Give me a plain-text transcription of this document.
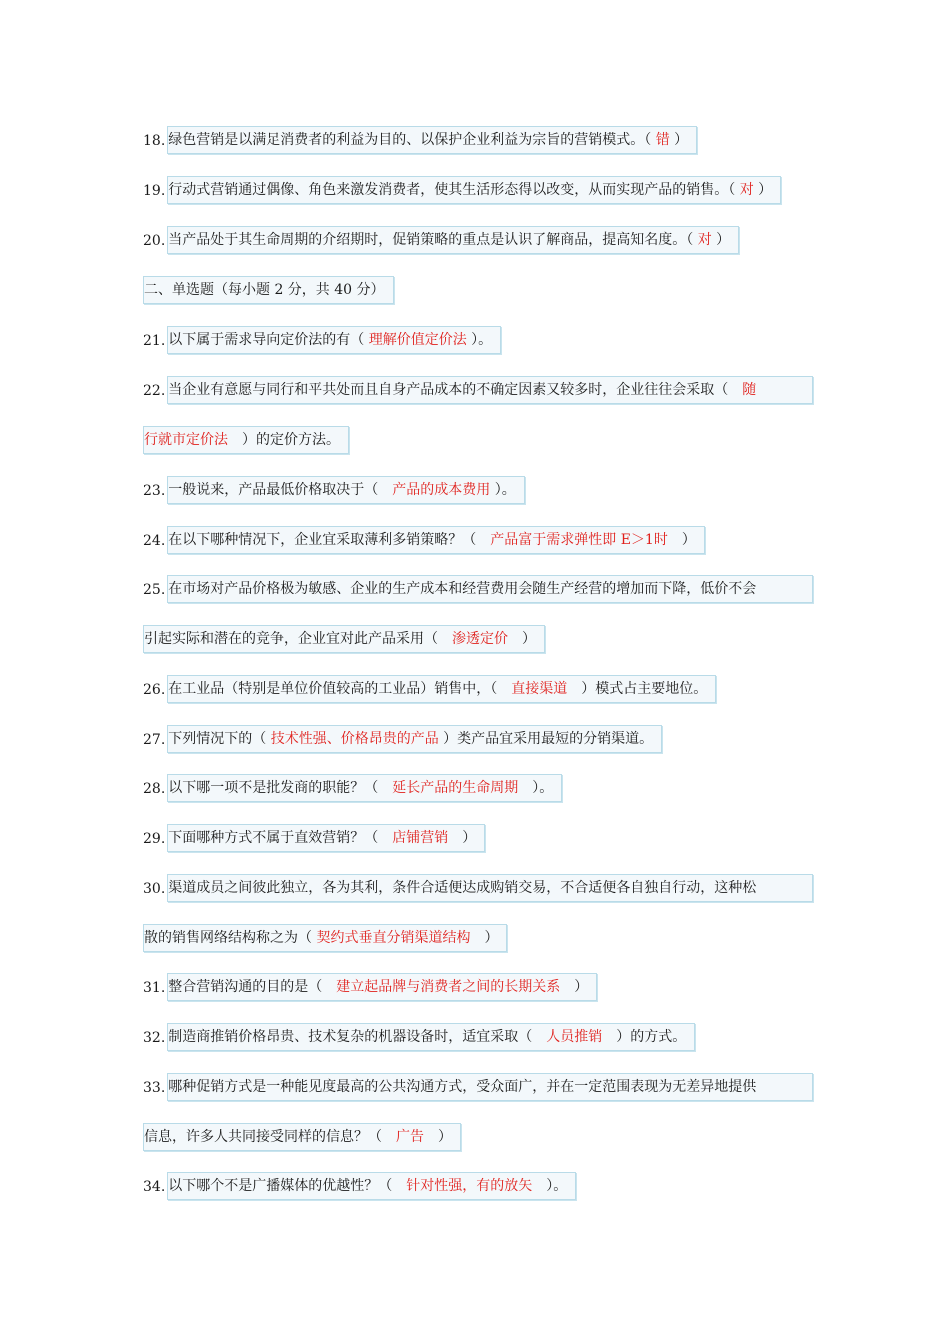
18. 绿色营销是以满足消费者的利益为目的、以保护企业利益为宗旨的营销模式。（ 错 ）
19. 行动式营销通过偶像、角色来激发消费者，使其生活形态得以改变，从而实现产品的销售。（ 对 ）
20. 当产品处于其生命周期的介绍期时，促销策略的重点是认识了解商品，提高知名度。（ 对 ）
二、单选题（每小题 2 分，共 40 分）
21. 以下属于需求导向定价法的有（ 理解价值定价法 ）。
22. 当企业有意愿与同行和平共处而且自身产品成本的不确定因素又较多时，企业往往会采取（　随
行就市定价法　）的定价方法。
23. 一般说来，产品最低价格取决于（　产品的成本费用 ）。
24. 在以下哪种情况下，企业宜采取薄利多销策略？（　产品富于需求弹性即 E＞1时　）
25. 在市场对产品价格极为敏感、企业的生产成本和经营费用会随生产经营的增加而下降，低价不会
引起实际和潜在的竞争，企业宜对此产品采用（　渗透定价　）
26. 在工业品（特别是单位价值较高的工业品）销售中，（　直接渠道　）模式占主要地位。
27. 下列情况下的（ 技术性强、价格昂贵的产品 ）类产品宜采用最短的分销渠道。
28. 以下哪一项不是批发商的职能？（　延长产品的生命周期　）。
29. 下面哪种方式不属于直效营销？（　店铺营销　）
30. 渠道成员之间彼此独立，各为其利，条件合适便达成购销交易，不合适便各自独自行动，这种松
散的销售网络结构称之为（ 契约式垂直分销渠道结构　）
31. 整合营销沟通的目的是（　建立起品牌与消费者之间的长期关系　）
32. 制造商推销价格昂贵、技术复杂的机器设备时，适宜采取（　人员推销　）的方式。
33. 哪种促销方式是一种能见度最高的公共沟通方式，受众面广，并在一定范围表现为无差异地提供
信息，许多人共同接受同样的信息？（　广告　）
34. 以下哪个不是广播媒体的优越性？（　针对性强，有的放矢　）。
